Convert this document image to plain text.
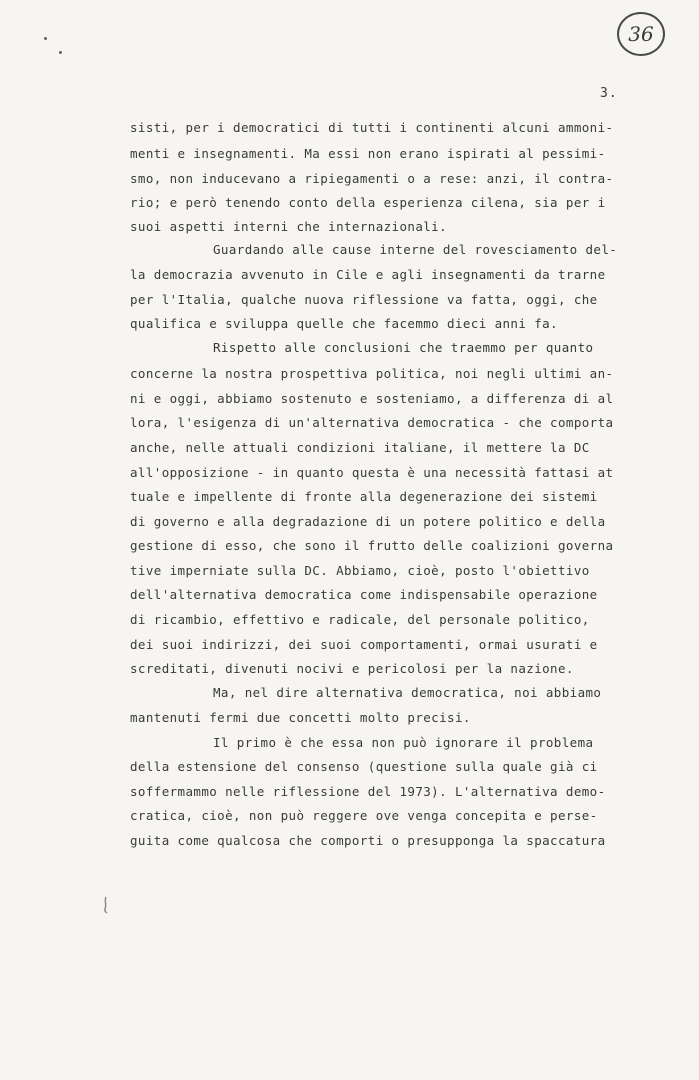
36
3.
sisti, per i democratici di tutti i continenti alcuni ammoni-
menti e insegnamenti. Ma essi non erano ispirati al pessimi-
smo, non inducevano a ripiegamenti o a rese: anzi, il contra-
rio; e però tenendo conto della esperienza cilena, sia per i
suoi aspetti interni che internazionali.
Guardando alle cause interne del rovesciamento del-
la democrazia avvenuto in Cile e agli insegnamenti da trarne
per l'Italia, qualche nuova riflessione va fatta, oggi, che
qualifica e sviluppa quelle che facemmo dieci anni fa.
Rispetto alle conclusioni che traemmo per quanto
concerne la nostra prospettiva politica, noi negli ultimi an-
ni e oggi, abbiamo sostenuto e sosteniamo, a differenza di al
lora, l'esigenza di un'alternativa democratica - che comporta
anche, nelle attuali condizioni italiane, il mettere la DC
all'opposizione - in quanto questa è una necessità fattasi at
tuale e impellente di fronte alla degenerazione dei sistemi
di governo e alla degradazione di un potere politico e della
gestione di esso, che sono il frutto delle coalizioni governa
tive imperniate sulla DC. Abbiamo, cioè, posto l'obiettivo
dell'alternativa democratica come indispensabile operazione
di ricambio, effettivo e radicale, del personale politico,
dei suoi indirizzi, dei suoi comportamenti, ormai usurati e
screditati, divenuti nocivi e pericolosi per la nazione.
Ma, nel dire alternativa democratica, noi abbiamo
mantenuti fermi due concetti molto precisi.
Il primo è che essa non può ignorare il problema
della estensione del consenso (questione sulla quale già ci
soffermammo nelle riflessione del 1973). L'alternativa demo-
cratica, cioè, non può reggere ove venga concepita e perse-
guita come qualcosa che comporti o presupponga la spaccatura
